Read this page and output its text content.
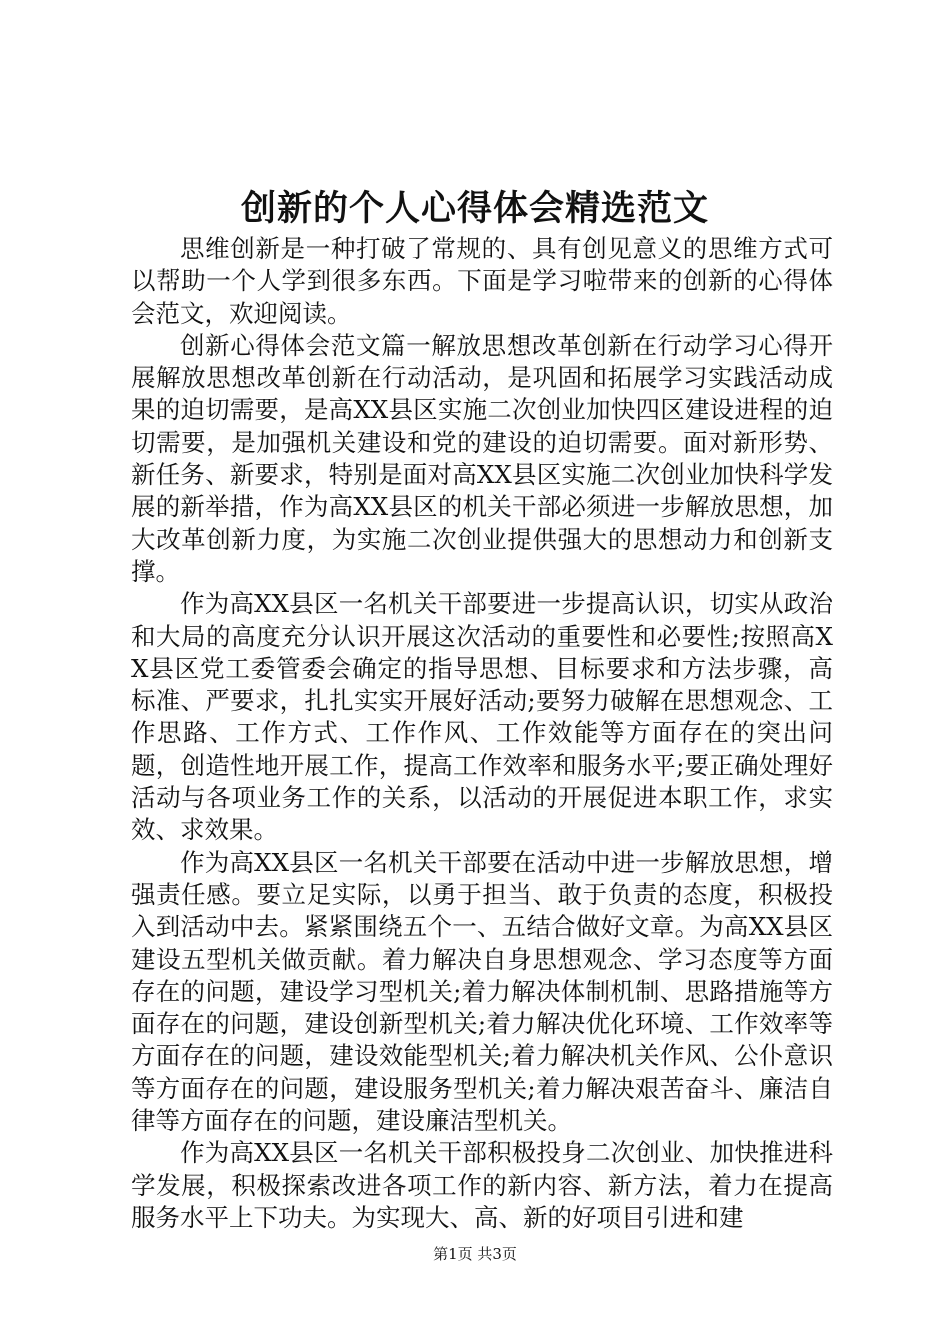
创新的个人心得体会精选范文

思维创新是一种打破了常规的、具有创见意义的思维方式可以帮助一个人学到很多东西。下面是学习啦带来的创新的心得体会范文，欢迎阅读。

创新心得体会范文篇一解放思想改革创新在行动学习心得开展解放思想改革创新在行动活动，是巩固和拓展学习实践活动成果的迫切需要，是高XX县区实施二次创业加快四区建设进程的迫切需要，是加强机关建设和党的建设的迫切需要。面对新形势、新任务、新要求，特别是面对高XX县区实施二次创业加快科学发展的新举措，作为高XX县区的机关干部必须进一步解放思想，加大改革创新力度，为实施二次创业提供强大的思想动力和创新支撑。

作为高XX县区一名机关干部要进一步提高认识，切实从政治和大局的高度充分认识开展这次活动的重要性和必要性;按照高XX县区党工委管委会确定的指导思想、目标要求和方法步骤，高标准、严要求，扎扎实实开展好活动;要努力破解在思想观念、工作思路、工作方式、工作作风、工作效能等方面存在的突出问题，创造性地开展工作，提高工作效率和服务水平;要正确处理好活动与各项业务工作的关系，以活动的开展促进本职工作，求实效、求效果。

作为高XX县区一名机关干部要在活动中进一步解放思想，增强责任感。要立足实际，以勇于担当、敢于负责的态度，积极投入到活动中去。紧紧围绕五个一、五结合做好文章。为高XX县区建设五型机关做贡献。着力解决自身思想观念、学习态度等方面存在的问题，建设学习型机关;着力解决体制机制、思路措施等方面存在的问题，建设创新型机关;着力解决优化环境、工作效率等方面存在的问题，建设效能型机关;着力解决机关作风、公仆意识等方面存在的问题，建设服务型机关;着力解决艰苦奋斗、廉洁自律等方面存在的问题，建设廉洁型机关。

作为高XX县区一名机关干部积极投身二次创业、加快推进科学发展，积极探索改进各项工作的新内容、新方法，着力在提高服务水平上下功夫。为实现大、高、新的好项目引进和建

第1页 共3页
